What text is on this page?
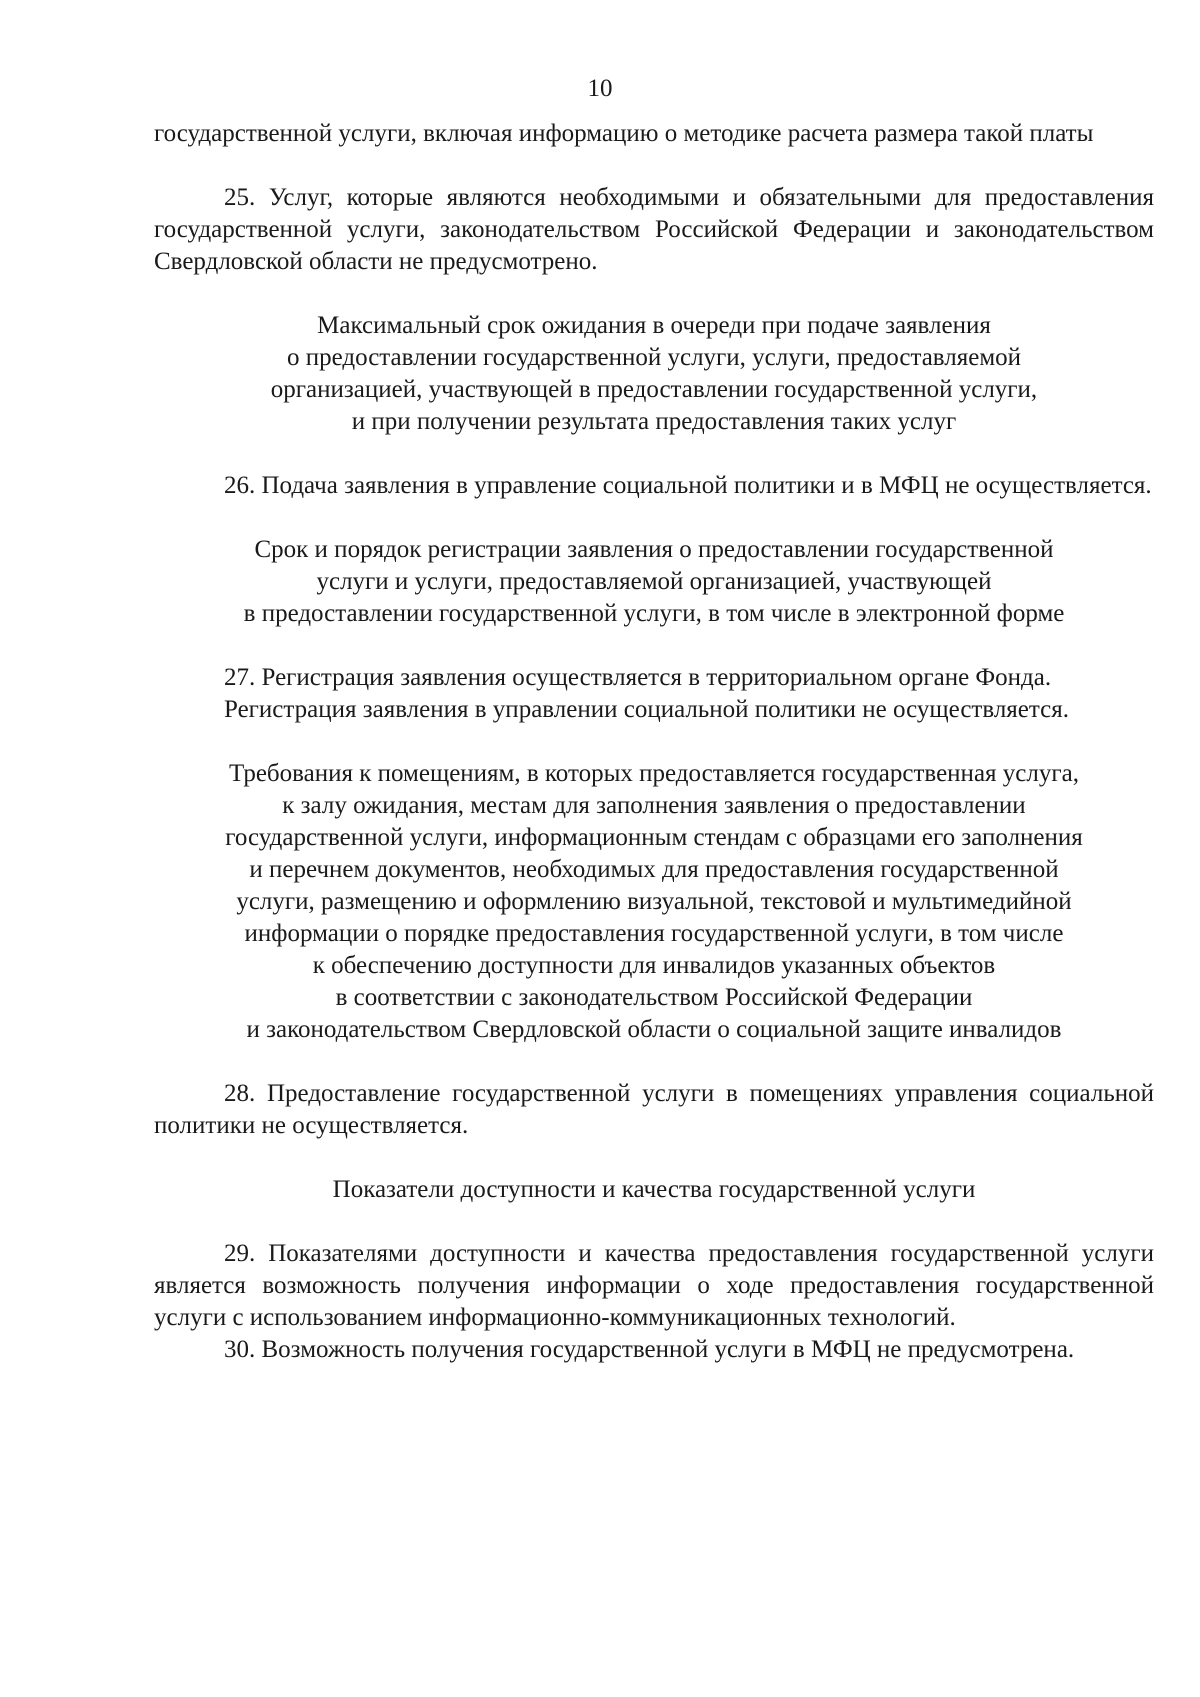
10

государственной услуги, включая информацию о методике расчета размера такой платы

25. Услуг, которые являются необходимыми и обязательными для предоставления государственной услуги, законодательством Российской Федерации и законодательством Свердловской области не предусмотрено.

Максимальный срок ожидания в очереди при подаче заявления
о предоставлении государственной услуги, услуги, предоставляемой
организацией, участвующей в предоставлении государственной услуги,
и при получении результата предоставления таких услуг

26. Подача заявления в управление социальной политики и в МФЦ не осуществляется.

Срок и порядок регистрации заявления о предоставлении государственной
услуги и услуги, предоставляемой организацией, участвующей
в предоставлении государственной услуги, в том числе в электронной форме

27. Регистрация заявления осуществляется в территориальном органе Фонда.

Регистрация заявления в управлении социальной политики не осуществляется.

Требования к помещениям, в которых предоставляется государственная услуга,
к залу ожидания, местам для заполнения заявления о предоставлении
государственной услуги, информационным стендам с образцами его заполнения
и перечнем документов, необходимых для предоставления государственной
услуги, размещению и оформлению визуальной, текстовой и мультимедийной
информации о порядке предоставления государственной услуги, в том числе
к обеспечению доступности для инвалидов указанных объектов
в соответствии с законодательством Российской Федерации
и законодательством Свердловской области о социальной защите инвалидов

28. Предоставление государственной услуги в помещениях управления социальной политики не осуществляется.

Показатели доступности и качества государственной услуги

29. Показателями доступности и качества предоставления государственной услуги является возможность получения информации о ходе предоставления государственной услуги с использованием информационно-коммуникационных технологий.

30. Возможность получения государственной услуги в МФЦ не предусмотрена.
